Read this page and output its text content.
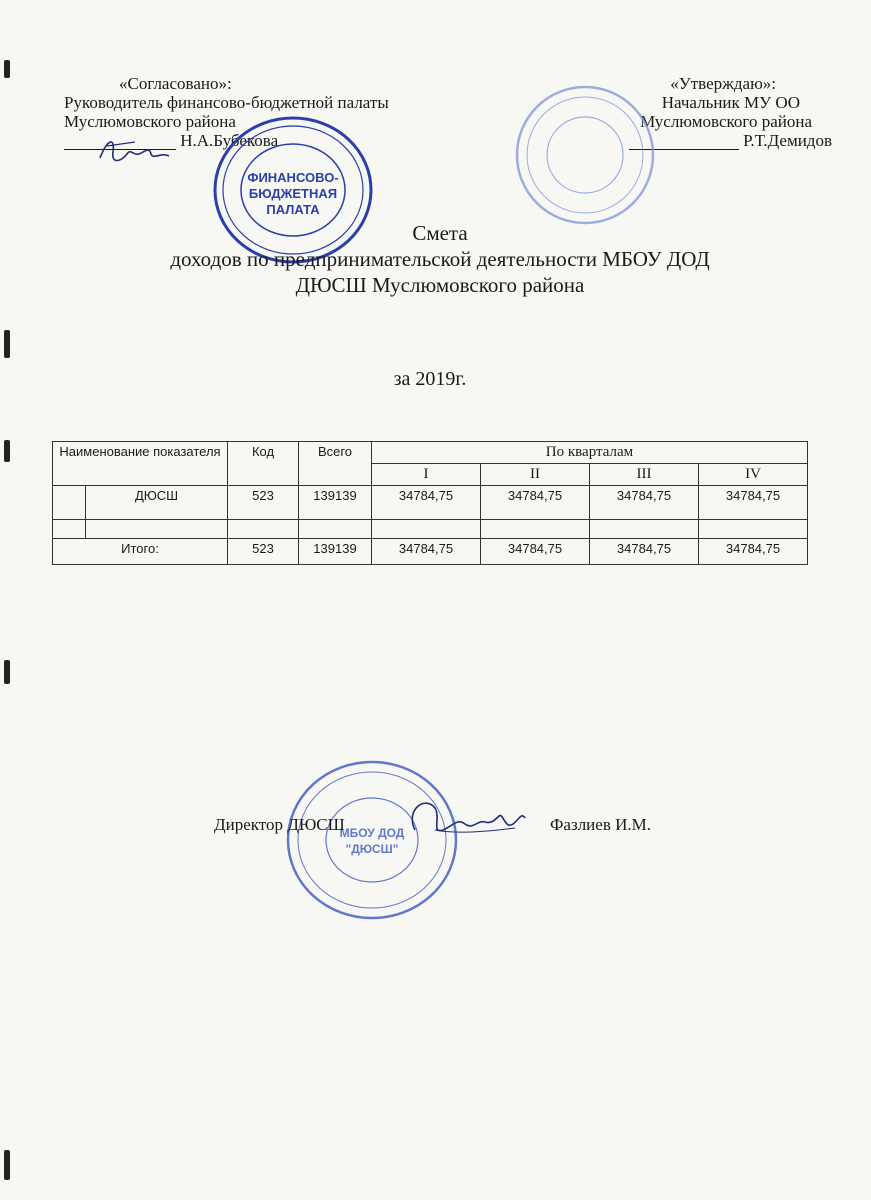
«Согласовано»:
Руководитель финансово-бюджетной палаты
Муслюмовского района
Н.А.Бубекова
ФИНАНСОВО-
БЮДЖЕТНАЯ
ПАЛАТА
«Утверждаю»:
Начальник МУ ОО
Муслюмовского района
Р.Т.Демидов
Смета
доходов по предпринимательской деятельности МБОУ ДОД
ДЮСШ Муслюмовского района
за 2019г.
Наименование показателя		Код	Всего	По кварталам			
				I	II	III	IV
	ДЮСШ	523	139139	34784,75	34784,75	34784,75	34784,75

Итого:		523	139139	34784,75	34784,75	34784,75	34784,75
МБОУ ДОД
"ДЮСШ"
Директор ДЮСШ	Фазлиев И.М.
